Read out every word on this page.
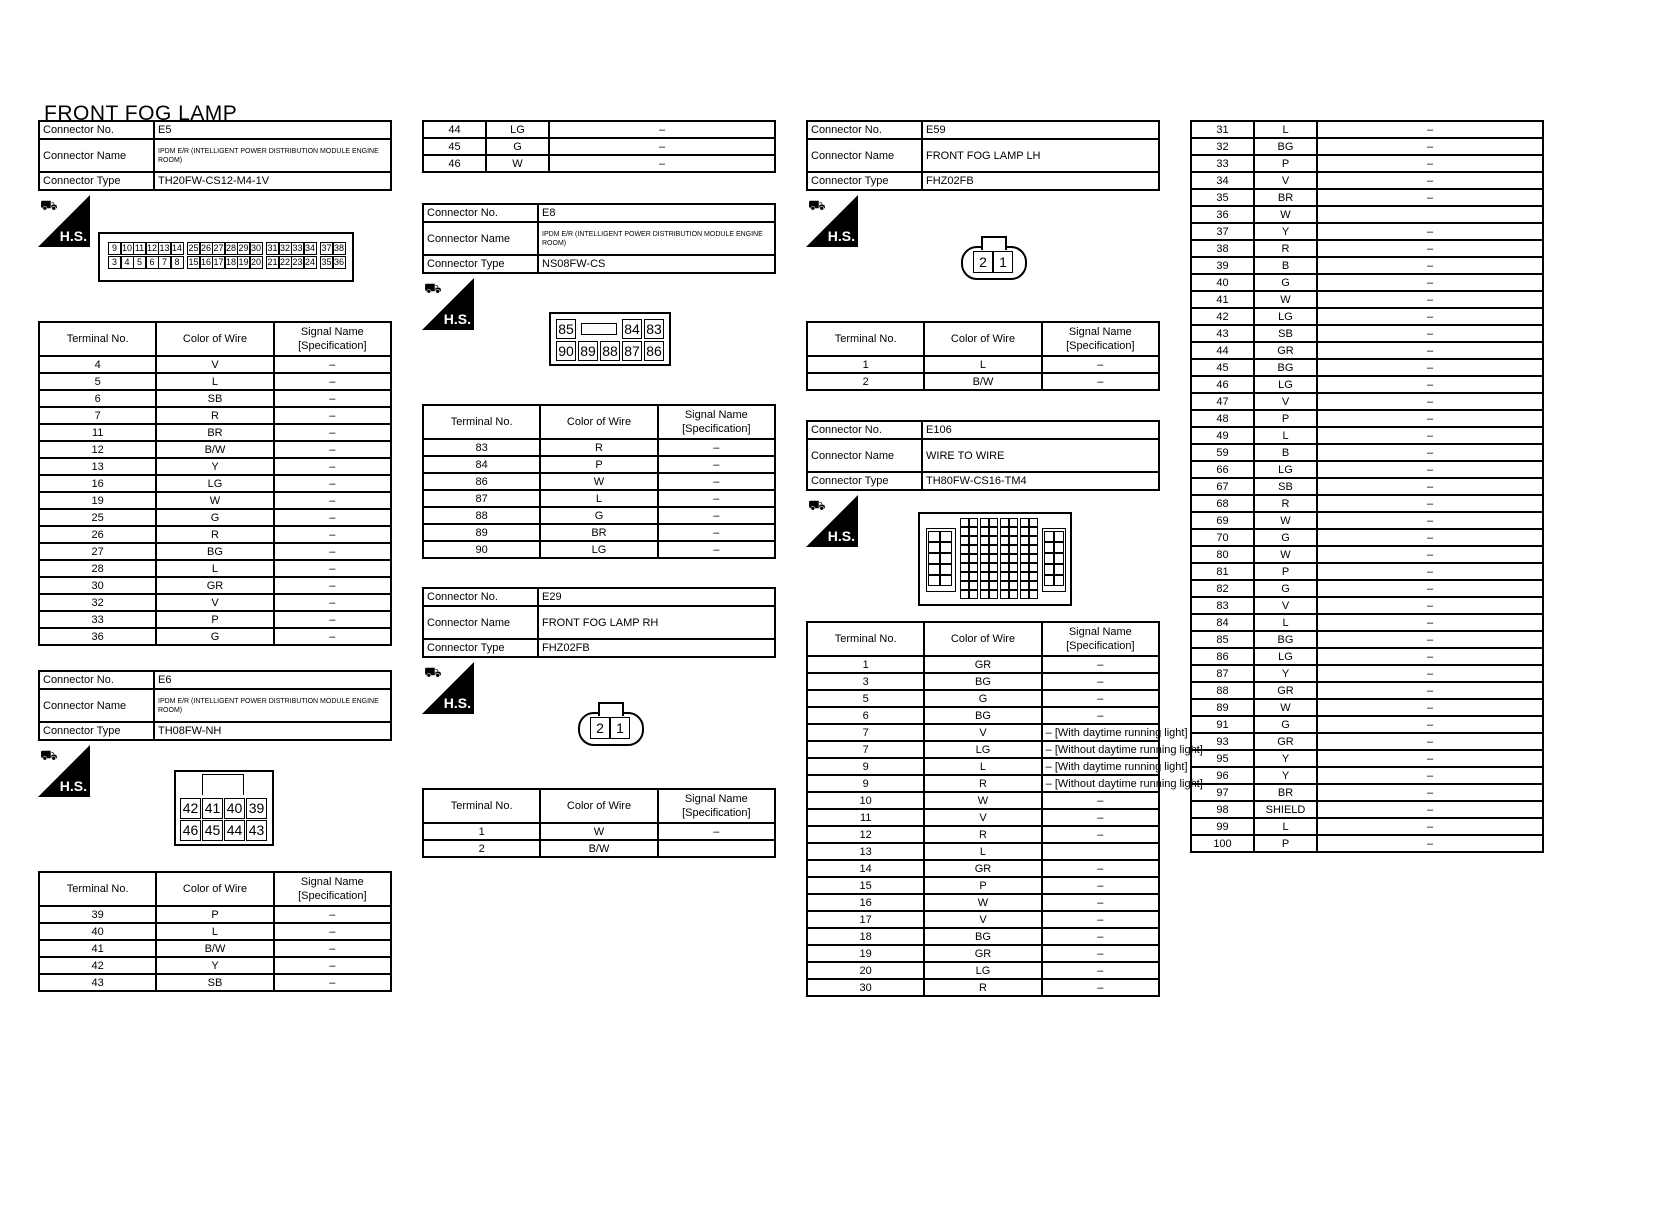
FRONT FOG LAMP
Connector No.	E5
Connector Name	IPDM E/R (INTELLIGENT POWER DISTRIBUTION MODULE ENGINE ROOM)
Connector Type	TH20FW-CS12-M4-1V
⛟
H.S.
9 10 11 12 13 14 25 26 27 28 29 30 31 32 33 34 37 38
3 4 5 6 7 8 15 16 17 18 19 20 21 22 23 24 35 36
Terminal No.	Color of Wire	Signal Name [Specification]
4	V	–
5	L	–
6	SB	–
7	R	–
11	BR	–
12	B/W	–
13	Y	–
16	LG	–
19	W	–
25	G	–
26	R	–
27	BG	–
28	L	–
30	GR	–
32	V	–
33	P	–
36	G	–
Connector No.	E6
Connector Name	IPDM E/R (INTELLIGENT POWER DISTRIBUTION MODULE ENGINE ROOM)
Connector Type	TH08FW-NH
⛟
H.S.
42 41 40 39
46 45 44 43
Terminal No.	Color of Wire	Signal Name [Specification]
39	P	–
40	L	–
41	B/W	–
42	Y	–
43	SB	–
44	LG	–
45	G	–
46	W	–
Connector No.	E8
Connector Name	IPDM E/R (INTELLIGENT POWER DISTRIBUTION MODULE ENGINE ROOM)
Connector Type	NS08FW-CS
⛟
H.S.
85	84 83
90 89 88 87 86
Terminal No.	Color of Wire	Signal Name [Specification]
83	R	–
84	P	–
86	W	–
87	L	–
88	G	–
89	BR	–
90	LG	–
Connector No.	E29
Connector Name	FRONT FOG LAMP RH
Connector Type	FHZ02FB
⛟
H.S.
2 1
Terminal No.	Color of Wire	Signal Name [Specification]
1	W	–
2	B/W	
Connector No.	E59
Connector Name	FRONT FOG LAMP LH
Connector Type	FHZ02FB
⛟
H.S.
2 1
Terminal No.	Color of Wire	Signal Name [Specification]
1	L	–
2	B/W	–
Connector No.	E106
Connector Name	WIRE TO WIRE
Connector Type	TH80FW-CS16-TM4
⛟
H.S.
Terminal No.	Color of Wire	Signal Name [Specification]
1	GR	–
3	BG	–
5	G	–
6	BG	–
7	V	– [With daytime running light]
7	LG	– [Without daytime running light]
9	L	– [With daytime running light]
9	R	– [Without daytime running light]
10	W	–
11	V	–
12	R	–
13	L	
14	GR	–
15	P	–
16	W	–
17	V	–
18	BG	–
19	GR	–
20	LG	–
30	R	–
31	L	–
32	BG	–
33	P	–
34	V	–
35	BR	–
36	W	
37	Y	–
38	R	–
39	B	–
40	G	–
41	W	–
42	LG	–
43	SB	–
44	GR	–
45	BG	–
46	LG	–
47	V	–
48	P	–
49	L	–
59	B	–
66	LG	–
67	SB	–
68	R	–
69	W	–
70	G	–
80	W	–
81	P	–
82	G	–
83	V	–
84	L	–
85	BG	–
86	LG	–
87	Y	–
88	GR	–
89	W	–
91	G	–
93	GR	–
95	Y	–
96	Y	–
97	BR	–
98	SHIELD	–
99	L	–
100	P	–
